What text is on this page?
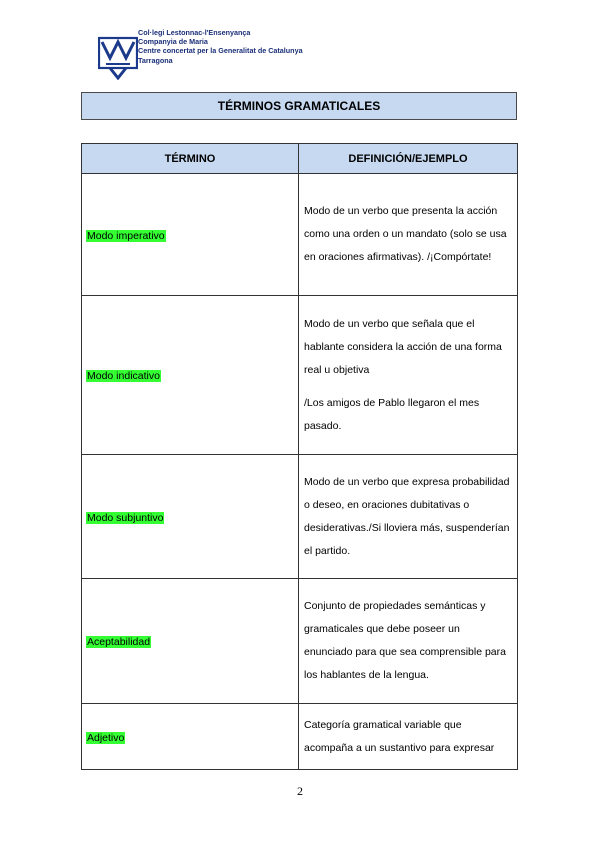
Col·legi Lestonnac-l'Ensenyança
Companyia de Maria
Centre concertat per la Generalitat de Catalunya
Tarragona
TÉRMINOS GRAMATICALES
TÉRMINO	DEFINICIÓN/EJEMPLO
Modo imperativo	Modo de un verbo que presenta la acción como una orden o un mandato (solo se usa en oraciones afirmativas). /¡Compórtate!

Modo indicativo	Modo de un verbo que señala que el hablante considera la acción de una forma real u objetiva

/Los amigos de Pablo llegaron el mes pasado.

Modo subjuntivo	Modo de un verbo que expresa probabilidad o deseo, en oraciones dubitativas o desiderativas./Si lloviera más, suspenderían el partido.

Aceptabilidad	Conjunto de propiedades semánticas y gramaticales que debe poseer un enunciado para que sea comprensible para los hablantes de la lengua.

Adjetivo	Categoría gramatical variable que acompaña a un sustantivo para expresar

2
